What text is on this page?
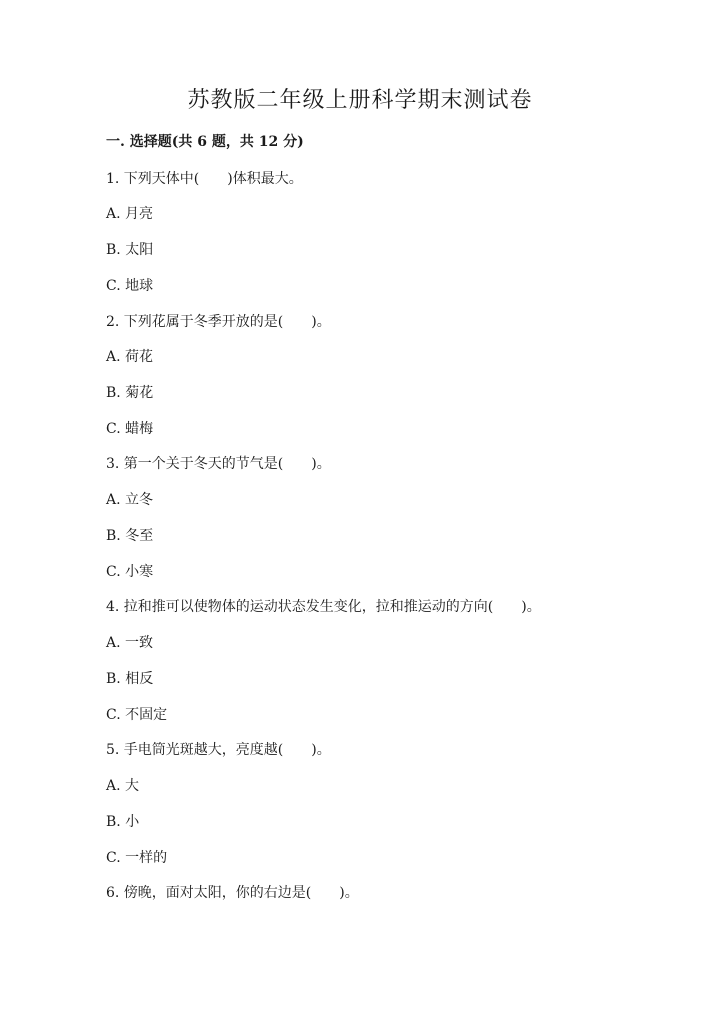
苏教版二年级上册科学期末测试卷
一. 选择题(共 6 题，共 12 分)
1. 下列天体中(　　)体积最大。
A. 月亮
B. 太阳
C. 地球
2. 下列花属于冬季开放的是(　　)。
A. 荷花
B. 菊花
C. 蜡梅
3. 第一个关于冬天的节气是(　　)。
A. 立冬
B. 冬至
C. 小寒
4. 拉和推可以使物体的运动状态发生变化，拉和推运动的方向(　　)。
A. 一致
B. 相反
C. 不固定
5. 手电筒光斑越大，亮度越(　　)。
A. 大
B. 小
C. 一样的
6. 傍晚，面对太阳，你的右边是(　　)。
